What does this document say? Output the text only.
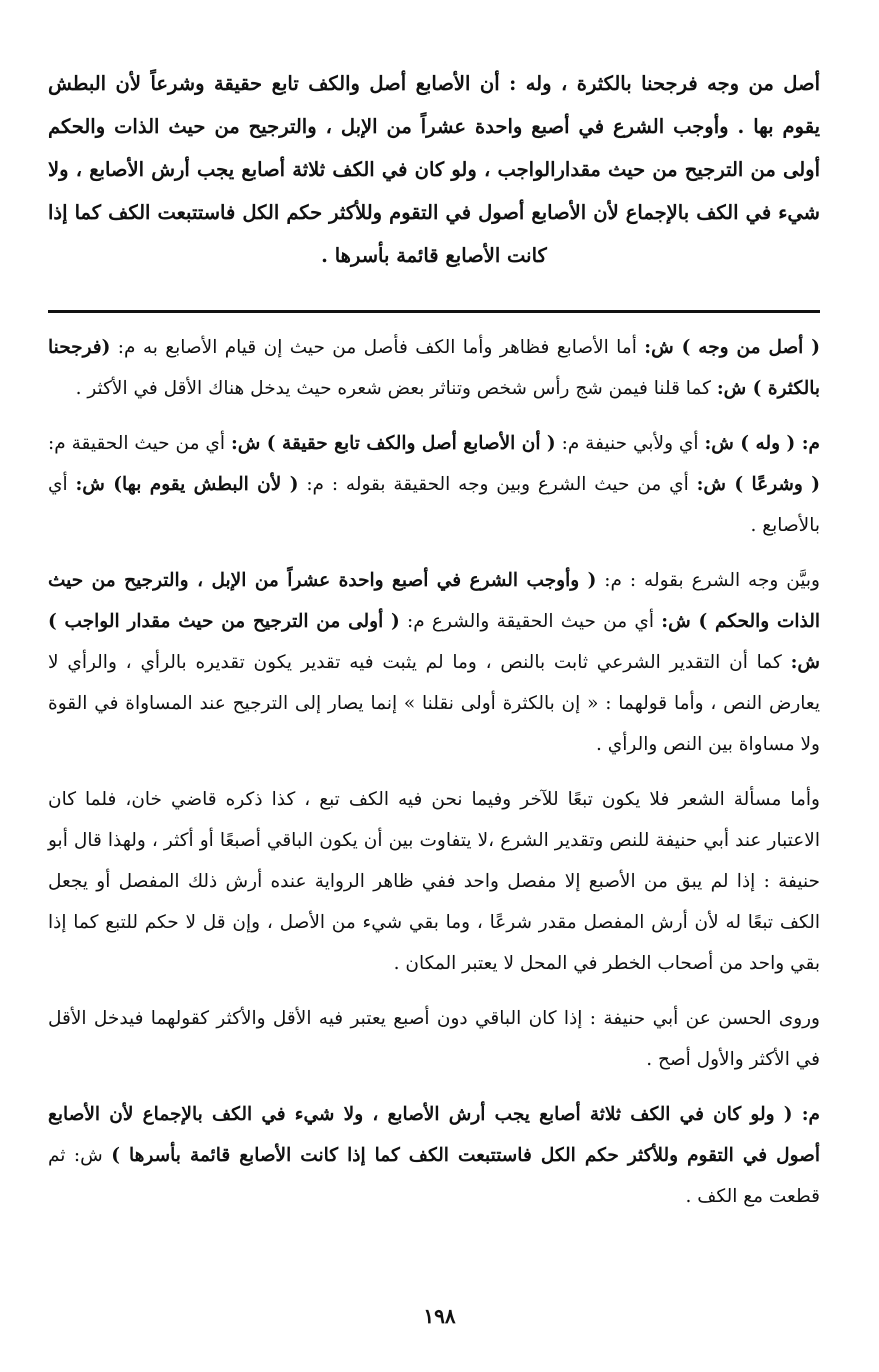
أصل من وجه فرجحنا بالكثرة ، وله : أن الأصابع أصل والكف تابع حقيقة وشرعاً لأن البطش يقوم بها . وأوجب الشرع في أصبع واحدة عشراً من الإبل ، والترجيح من حيث الذات والحكم أولى من الترجيح من حيث مقدارالواجب ، ولو كان في الكف ثلاثة أصابع يجب أرش الأصابع ، ولا شيء في الكف بالإجماع لأن الأصابع أصول في التقوم وللأكثر حكم الكل فاستتبعت الكف كما إذا كانت الأصابع قائمة بأسرها .

( أصل من وجه ) ش: أما الأصابع فظاهر وأما الكف فأصل من حيث إن قيام الأصابع به م: (فرجحنا بالكثرة ) ش: كما قلنا فيمن شج رأس شخص وتناثر بعض شعره حيث يدخل هناك الأقل في الأكثر .

م: ( وله ) ش: أي ولأبي حنيفة م: ( أن الأصابع أصل والكف تابع حقيقة ) ش: أي من حيث الحقيقة م: ( وشرعًا ) ش: أي من حيث الشرع وبين وجه الحقيقة بقوله : م: ( لأن البطش يقوم بها) ش: أي بالأصابع .

وبيَّن وجه الشرع بقوله : م: ( وأوجب الشرع في أصبع واحدة عشراً من الإبل ، والترجيح من حيث الذات والحكم ) ش: أي من حيث الحقيقة والشرع م: ( أولى من الترجيح من حيث مقدار الواجب ) ش: كما أن التقدير الشرعي ثابت بالنص ، وما لم يثبت فيه تقدير يكون تقديره بالرأي ، والرأي لا يعارض النص ، وأما قولهما : « إن بالكثرة أولى نقلنا » إنما يصار إلى الترجيح عند المساواة في القوة ولا مساواة بين النص والرأي .

وأما مسألة الشعر فلا يكون تبعًا للآخر وفيما نحن فيه الكف تبع ، كذا ذكره قاضي خان، فلما كان الاعتبار عند أبي حنيفة للنص وتقدير الشرع ،لا يتفاوت بين أن يكون الباقي أصبعًا أو أكثر ، ولهذا قال أبو حنيفة : إذا لم يبق من الأصبع إلا مفصل واحد ففي ظاهر الرواية عنده أرش ذلك المفصل أو يجعل الكف تبعًا له لأن أرش المفصل مقدر شرعًا ، وما بقي شيء من الأصل ، وإن قل لا حكم للتبع كما إذا بقي واحد من أصحاب الخطر في المحل لا يعتبر المكان .

وروى الحسن عن أبي حنيفة : إذا كان الباقي دون أصبع يعتبر فيه الأقل والأكثر كقولهما فيدخل الأقل في الأكثر والأول أصح .

م: ( ولو كان في الكف ثلاثة أصابع يجب أرش الأصابع ، ولا شيء في الكف بالإجماع لأن الأصابع أصول في التقوم وللأكثر حكم الكل فاستتبعت الكف كما إذا كانت الأصابع قائمة بأسرها ) ش: ثم قطعت مع الكف .

١٩٨
